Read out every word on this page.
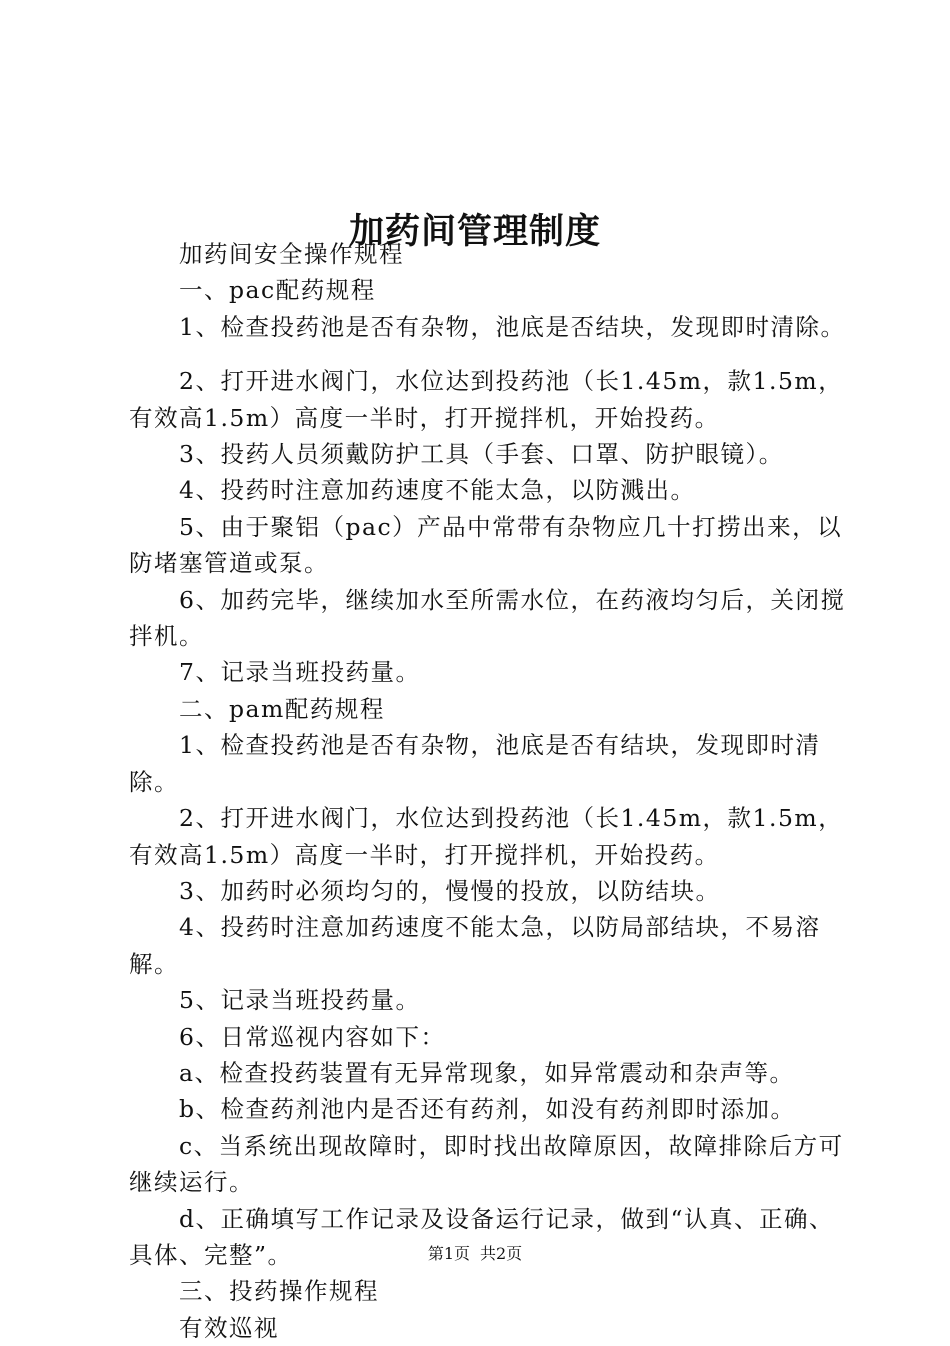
加药间管理制度

加药间安全操作规程

一、pac配药规程

1、检查投药池是否有杂物，池底是否结块，发现即时清除。

2、打开进水阀门，水位达到投药池（长1.45m，款1.5m，有效高1.5m）高度一半时，打开搅拌机，开始投药。

3、投药人员须戴防护工具（手套、口罩、防护眼镜）。

4、投药时注意加药速度不能太急，以防溅出。

5、由于聚铝（pac）产品中常带有杂物应几十打捞出来，以防堵塞管道或泵。

6、加药完毕，继续加水至所需水位，在药液均匀后，关闭搅拌机。

7、记录当班投药量。

二、pam配药规程

1、检查投药池是否有杂物，池底是否有结块，发现即时清除。

2、打开进水阀门，水位达到投药池（长1.45m，款1.5m，有效高1.5m）高度一半时，打开搅拌机，开始投药。

3、加药时必须均匀的，慢慢的投放，以防结块。

4、投药时注意加药速度不能太急，以防局部结块，不易溶解。

5、记录当班投药量。

6、日常巡视内容如下：

a、检查投药装置有无异常现象，如异常震动和杂声等。

b、检查药剂池内是否还有药剂，如没有药剂即时添加。

c、当系统出现故障时，即时找出故障原因，故障排除后方可继续运行。

d、正确填写工作记录及设备运行记录，做到“认真、正确、具体、完整”。

三、投药操作规程

有效巡视

第1页 共2页
